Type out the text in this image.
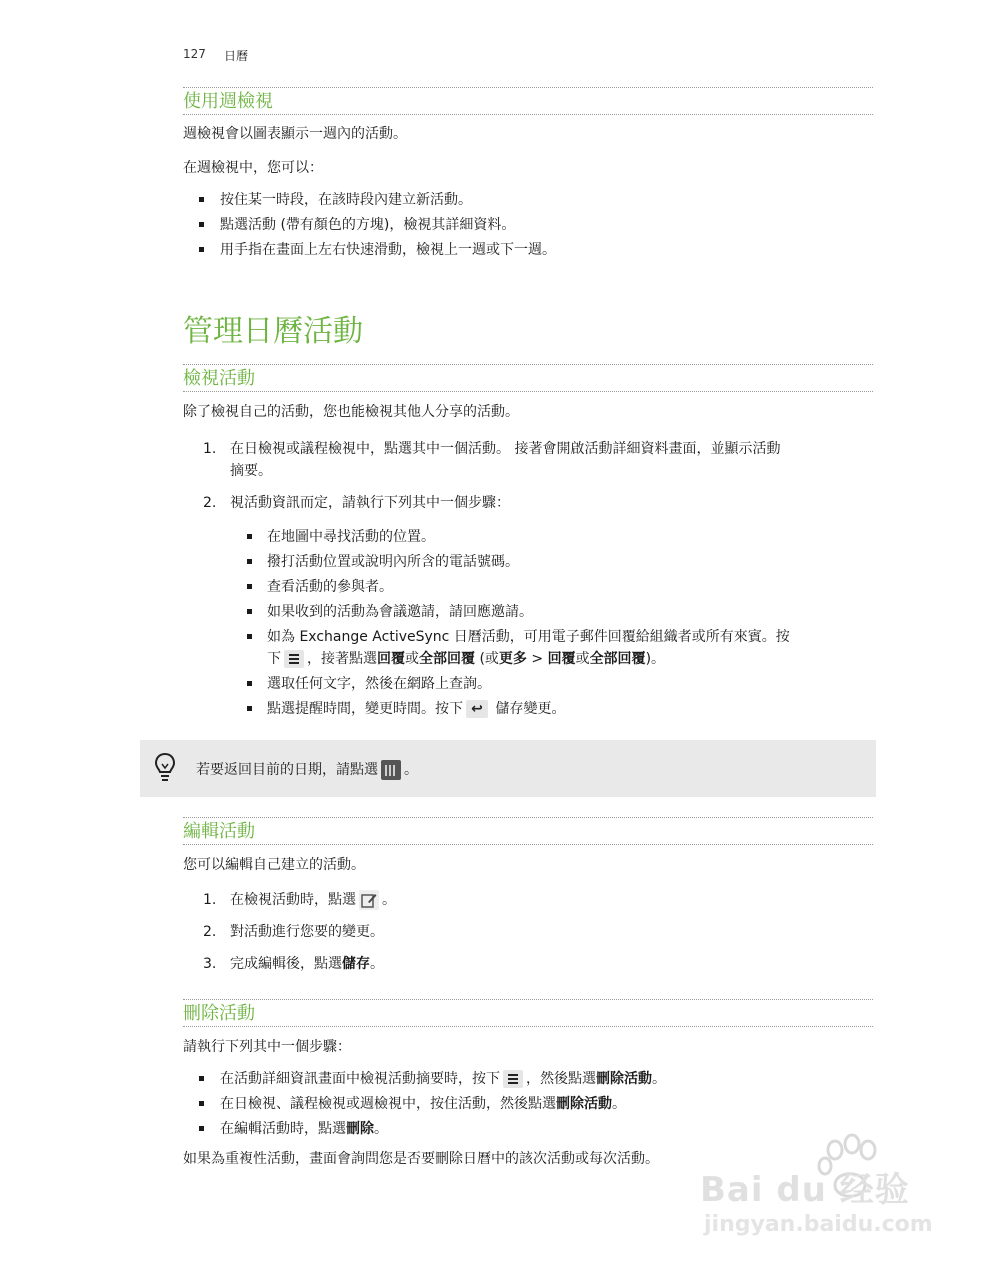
127 日曆
使用週檢視

週檢視會以圖表顯示一週內的活動。

在週檢視中，您可以：

按住某一時段，在該時段內建立新活動。
點選活動 (帶有顏色的方塊)，檢視其詳細資料。
用手指在畫面上左右快速滑動，檢視上一週或下一週。
管理日曆活動
檢視活動

除了檢視自己的活動，您也能檢視其他人分享的活動。

1. 在日檢視或議程檢視中，點選其中一個活動。 接著會開啟活動詳細資料畫面，並顯示活動
摘要。
2. 視活動資訊而定，請執行下列其中一個步驟：
在地圖中尋找活動的位置。
撥打活動位置或說明內所含的電話號碼。
查看活動的參與者。
如果收到的活動為會議邀請，請回應邀請。
如為 Exchange ActiveSync 日曆活動，可用電子郵件回覆給組織者或所有來賓。按
下 ，接著點選回覆或全部回覆 (或更多 > 回覆或全部回覆)。
選取任何文字，然後在網路上查詢。
點選提醒時間，變更時間。按下 ↩ 儲存變更。
若要返回目前的日期，請點選 。
編輯活動

您可以編輯自己建立的活動。

1. 在檢視活動時，點選 。
2. 對活動進行您要的變更。
3. 完成編輯後，點選儲存。
刪除活動

請執行下列其中一個步驟：

在活動詳細資訊畫面中檢視活動摘要時，按下 ，然後點選刪除活動。
在日檢視、議程檢視或週檢視中，按住活動，然後點選刪除活動。
在編輯活動時，點選刪除。

如果為重複性活動，畫面會詢問您是否要刪除日曆中的該次活動或每次活動。

Bai du 经验
jingyan.baidu.com
